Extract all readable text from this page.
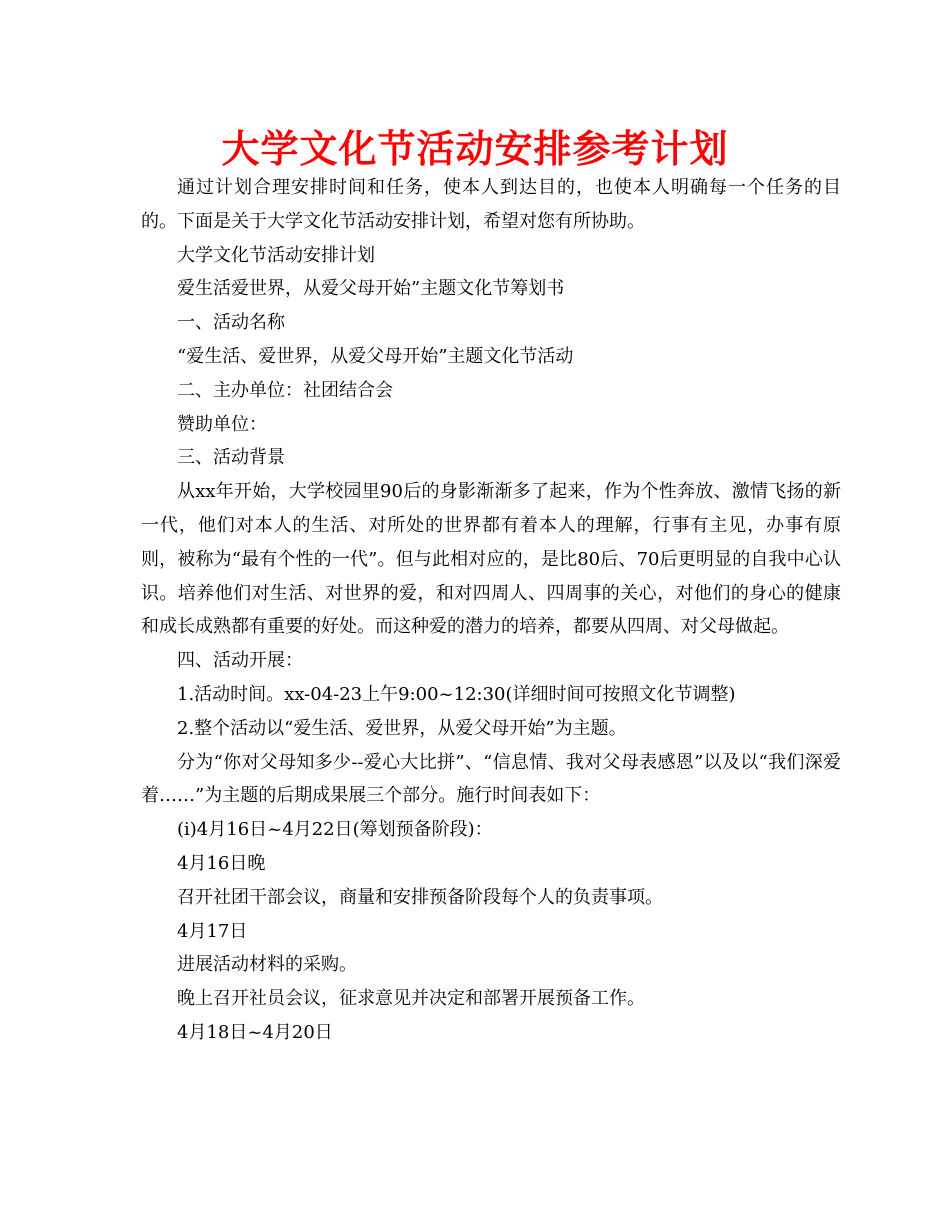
大学文化节活动安排参考计划

通过计划合理安排时间和任务，使本人到达目的，也使本人明确每一个任务的目的。下面是关于大学文化节活动安排计划，希望对您有所协助。

大学文化节活动安排计划

爱生活爱世界，从爱父母开始”主题文化节筹划书

一、活动名称

“爱生活、爱世界，从爱父母开始”主题文化节活动

二、主办单位：社团结合会

赞助单位：

三、活动背景

从xx年开始，大学校园里90后的身影渐渐多了起来，作为个性奔放、激情飞扬的新一代，他们对本人的生活、对所处的世界都有着本人的理解，行事有主见，办事有原则，被称为“最有个性的一代”。但与此相对应的，是比80后、70后更明显的自我中心认识。培养他们对生活、对世界的爱，和对四周人、四周事的关心，对他们的身心的健康和成长成熟都有重要的好处。而这种爱的潜力的培养，都要从四周、对父母做起。

四、活动开展：

1.活动时间。xx-04-23上午9:00~12:30(详细时间可按照文化节调整)

2.整个活动以“爱生活、爱世界，从爱父母开始”为主题。

分为“你对父母知多少--爱心大比拼”、“信息情、我对父母表感恩”以及以“我们深爱着……”为主题的后期成果展三个部分。施行时间表如下：

(i)4月16日~4月22日(筹划预备阶段)：

4月16日晚

召开社团干部会议，商量和安排预备阶段每个人的负责事项。

4月17日

进展活动材料的采购。

晚上召开社员会议，征求意见并决定和部署开展预备工作。

4月18日~4月20日
